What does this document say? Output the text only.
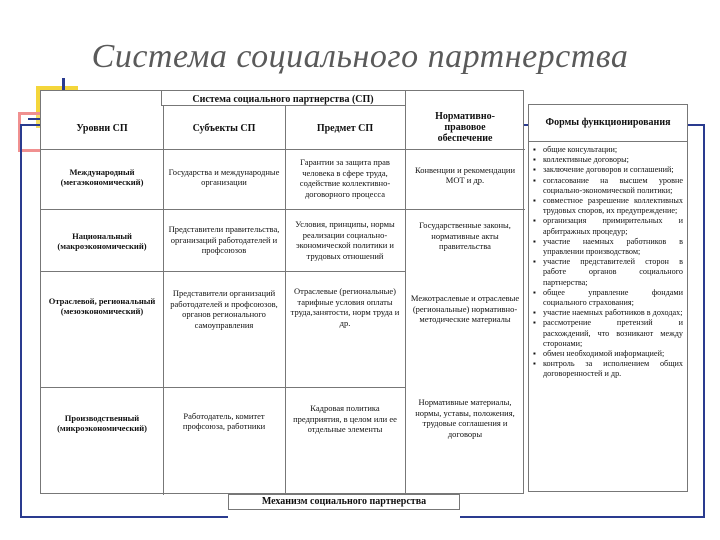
Система социального партнерства
Система социального партнерства (СП)
Уровни СП	Субъекты СП	Предмет СП
Нормативно-правовое обеспечение
Международный (мегаэкономический)
Государства и международные организации
Гарантии за защита прав человека в сфере труда, содействие коллективно-договорного процесса
Конвенции и рекомендации МОТ и др.
Национальный (макроэкономический)
Представители правительства, организаций работодателей и профсоюзов
Условия, принципы, нормы реализации социально-экономической политики и трудовых отношений
Государственные законы, нормативные акты правительства
Отраслевой, региональный (мезоэкономический)
Представители организаций работодателей и профсоюзов, органов регионального самоуправления
Отраслевые (региональные) тарифные условия оплаты труда,занятости, норм труда и др.
Межотраслевые и отраслевые (региональные) нормативно-методические материалы
Производственный (микроэкономический)
Работодатель, комитет профсоюза, работники
Кадровая политика предприятия, в целом или ее отдельные элементы
Нормативные материалы, нормы, уставы, положения, трудовые соглашения и договоры
Формы функционирования
▪ общие консультации;
▪ коллективные договоры;
▪ заключение договоров и соглашений;
▪ согласование на высшем уровне социально-экономической политики;
▪ совместное разрешение коллективных трудовых споров, их предупреждение;
▪ организация примирительных и арбитражных процедур;
▪ участие наемных работников в управлении производством;
▪ участие представителей сторон в работе органов социального партнерства;
▪ общее управление фондами социального страхования;
▪ участие наемных работников в доходах;
▪ рассмотрение претензий и расхождений, что возникают между сторонами;
▪ обмен необходимой информацией;
▪ контроль за исполнением общих договоренностей и др.
Механизм социального партнерства
